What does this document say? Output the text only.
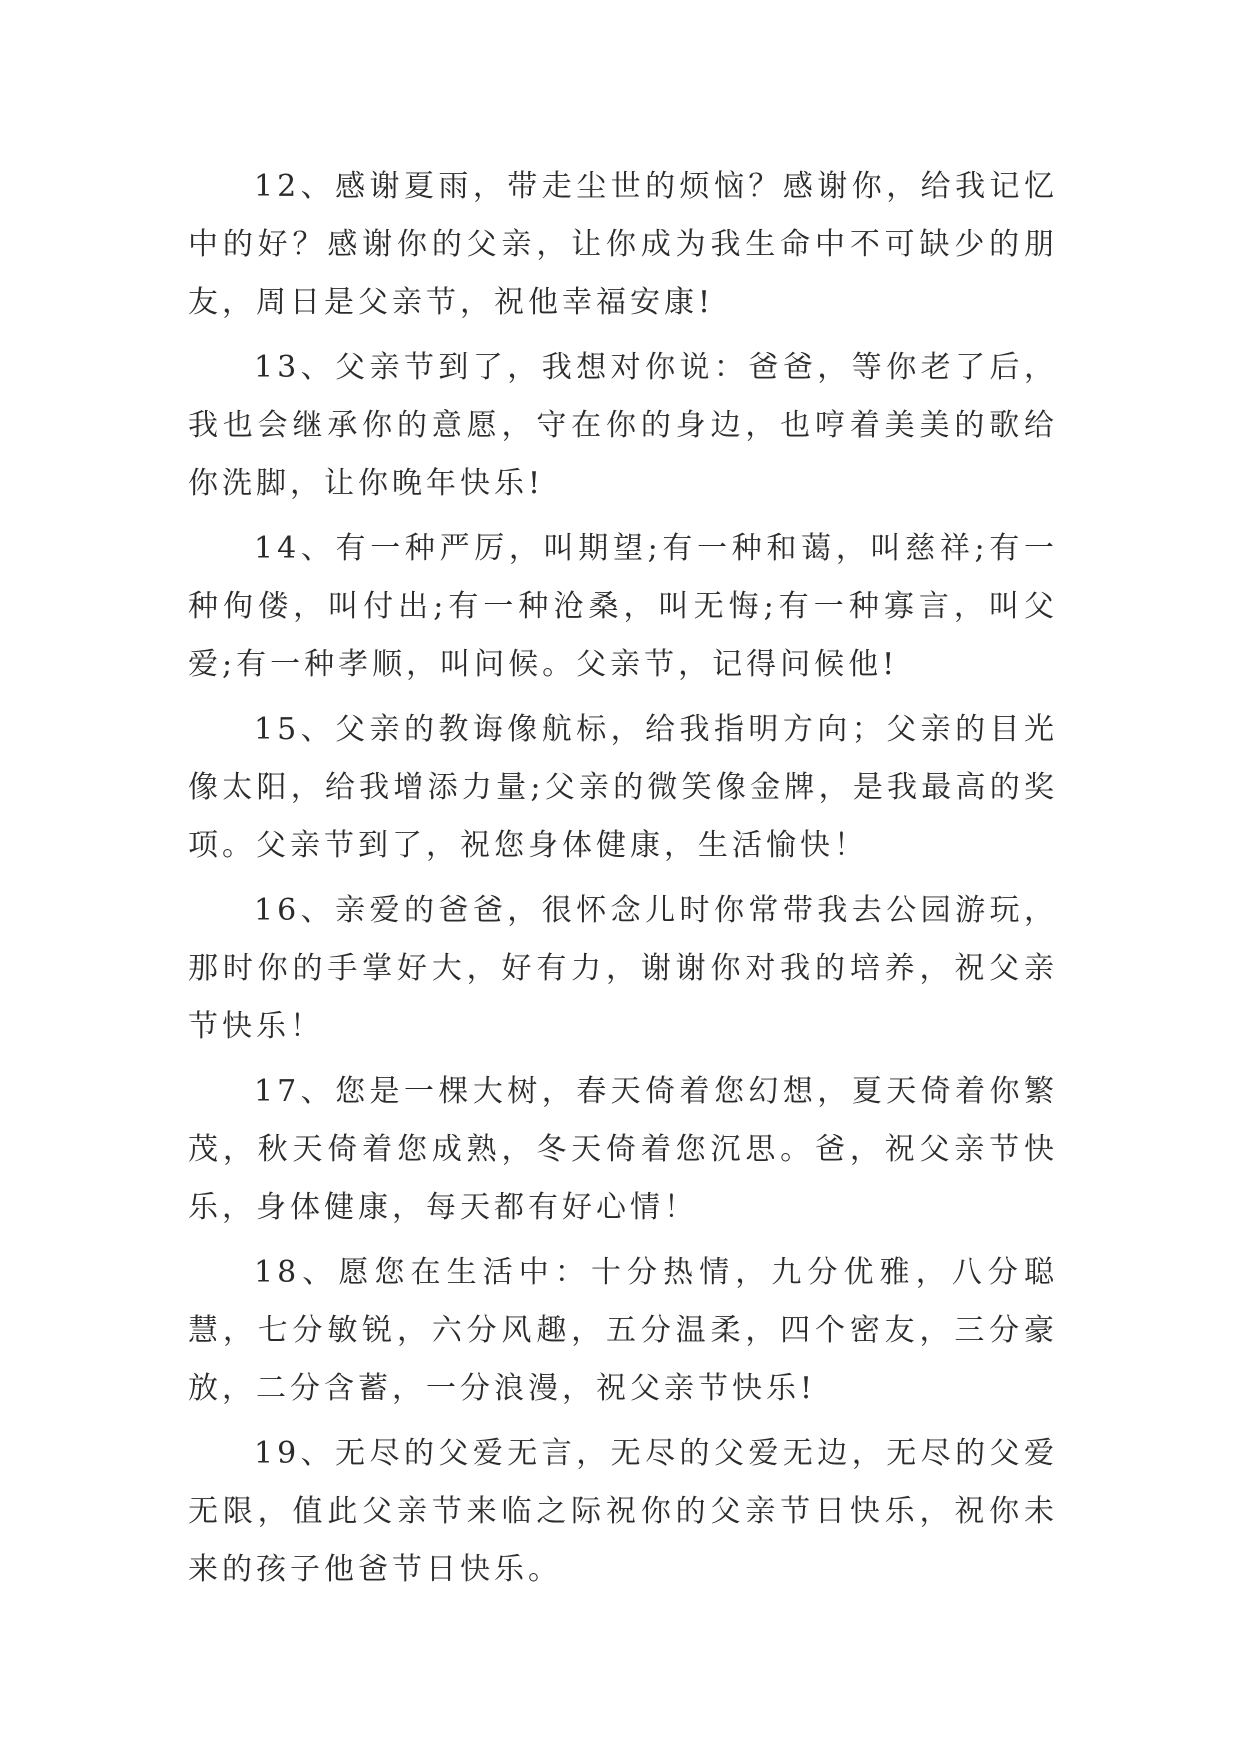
12、感谢夏雨，带走尘世的烦恼？感谢你，给我记忆中的好？感谢你的父亲，让你成为我生命中不可缺少的朋友，周日是父亲节，祝他幸福安康!

13、父亲节到了，我想对你说：爸爸，等你老了后，我也会继承你的意愿，守在你的身边，也哼着美美的歌给你洗脚，让你晚年快乐!

14、有一种严厉，叫期望;有一种和蔼，叫慈祥;有一种佝偻，叫付出;有一种沧桑，叫无悔;有一种寡言，叫父爱;有一种孝顺，叫问候。父亲节，记得问候他!

15、父亲的教诲像航标，给我指明方向；父亲的目光像太阳，给我增添力量;父亲的微笑像金牌，是我最高的奖项。父亲节到了，祝您身体健康，生活愉快！

16、亲爱的爸爸，很怀念儿时你常带我去公园游玩，那时你的手掌好大，好有力，谢谢你对我的培养，祝父亲节快乐！

17、您是一棵大树，春天倚着您幻想，夏天倚着你繁茂，秋天倚着您成熟，冬天倚着您沉思。爸，祝父亲节快乐，身体健康，每天都有好心情！

18、愿您在生活中：十分热情，九分优雅，八分聪慧，七分敏锐，六分风趣，五分温柔，四个密友，三分豪放，二分含蓄，一分浪漫，祝父亲节快乐!

19、无尽的父爱无言，无尽的父爱无边，无尽的父爱无限，值此父亲节来临之际祝你的父亲节日快乐，祝你未来的孩子他爸节日快乐。
